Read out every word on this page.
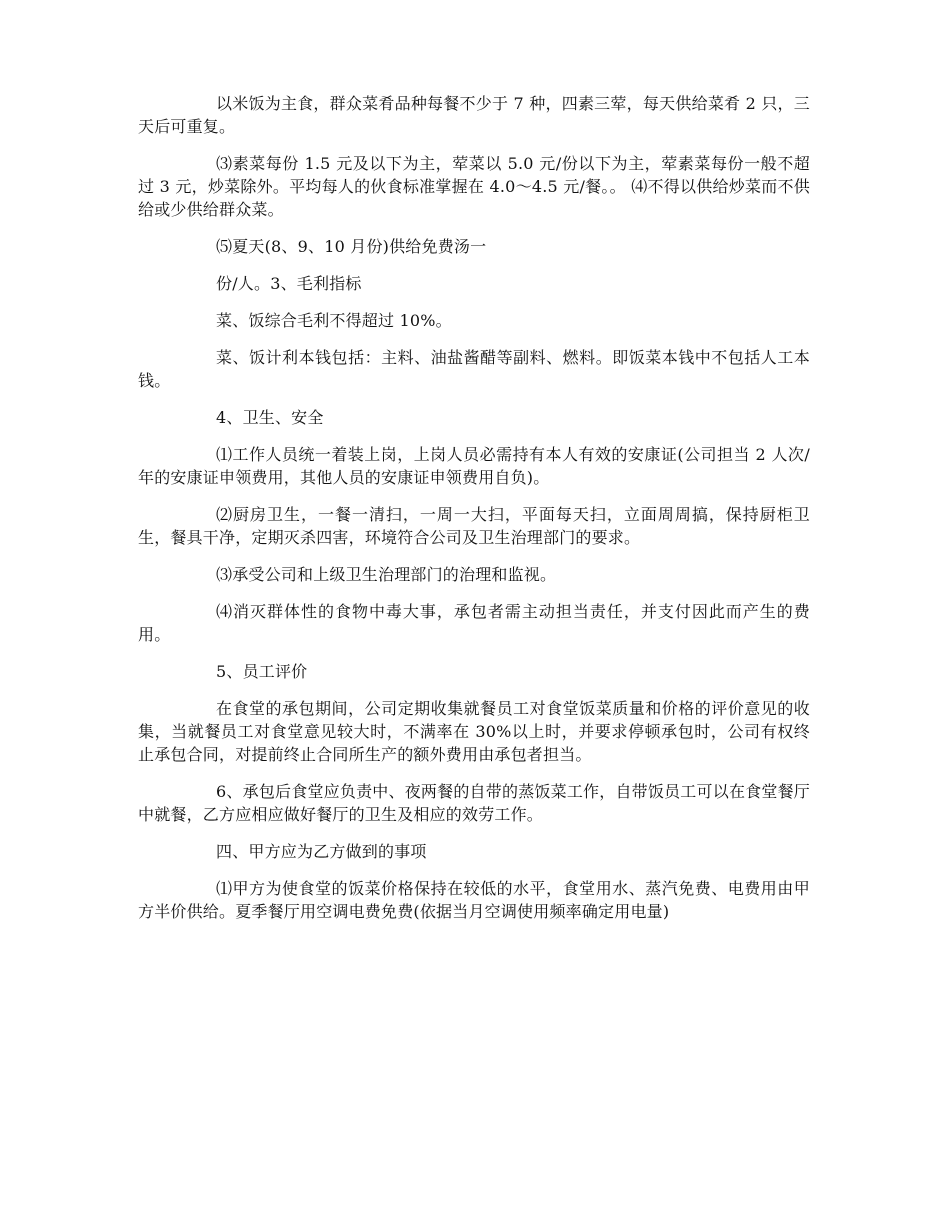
以米饭为主食，群众菜肴品种每餐不少于 7 种，四素三荤，每天供给菜肴 2 只，三天后可重复。

⑶素菜每份 1.5 元及以下为主，荤菜以 5.0 元/份以下为主，荤素菜每份一般不超过 3 元，炒菜除外。平均每人的伙食标准掌握在 4.0～4.5 元/餐。。 ⑷不得以供给炒菜而不供给或少供给群众菜。

⑸夏天(8、9、10 月份)供给免费汤一

份/人。3、毛利指标

菜、饭综合毛利不得超过 10%。

菜、饭计利本钱包括：主料、油盐酱醋等副料、燃料。即饭菜本钱中不包括人工本钱。

4、卫生、安全

⑴工作人员统一着装上岗，上岗人员必需持有本人有效的安康证(公司担当 2 人次/年的安康证申领费用，其他人员的安康证申领费用自负)。

⑵厨房卫生，一餐一清扫，一周一大扫，平面每天扫，立面周周搞，保持厨柜卫生，餐具干净，定期灭杀四害，环境符合公司及卫生治理部门的要求。

⑶承受公司和上级卫生治理部门的治理和监视。

⑷消灭群体性的食物中毒大事，承包者需主动担当责任，并支付因此而产生的费用。

5、员工评价

在食堂的承包期间，公司定期收集就餐员工对食堂饭菜质量和价格的评价意见的收集，当就餐员工对食堂意见较大时，不满率在 30%以上时，并要求停顿承包时，公司有权终止承包合同，对提前终止合同所生产的额外费用由承包者担当。

6、承包后食堂应负责中、夜两餐的自带的蒸饭菜工作，自带饭员工可以在食堂餐厅中就餐，乙方应相应做好餐厅的卫生及相应的效劳工作。

四、甲方应为乙方做到的事项

⑴甲方为使食堂的饭菜价格保持在较低的水平，食堂用水、蒸汽免费、电费用由甲方半价供给。夏季餐厅用空调电费免费(依据当月空调使用频率确定用电量)
